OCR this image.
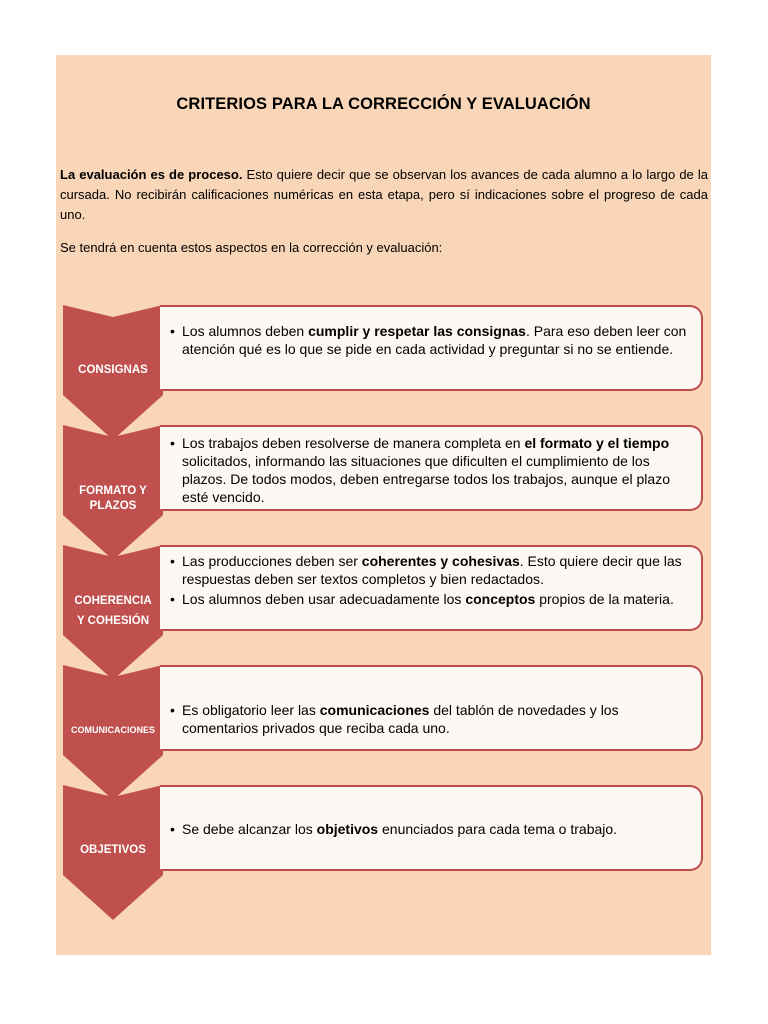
CRITERIOS PARA LA CORRECCIÓN Y EVALUACIÓN
La evaluación es de proceso. Esto quiere decir que se observan los avances de cada alumno a lo largo de la cursada. No recibirán calificaciones numéricas en esta etapa, pero sí indicaciones sobre el progreso de cada uno.
Se tendrá en cuenta estos aspectos en la corrección y evaluación:
CONSIGNAS
• Los alumnos deben cumplir y respetar las consignas. Para eso deben leer con atención qué es lo que se pide en cada actividad y preguntar si no se entiende.
FORMATO Y
PLAZOS
• Los trabajos deben resolverse de manera completa en el formato y el tiempo solicitados, informando las situaciones que dificulten el cumplimiento de los plazos. De todos modos, deben entregarse todos los trabajos, aunque el plazo esté vencido.
COHERENCIA
Y COHESIÓN
• Las producciones deben ser coherentes y cohesivas. Esto quiere decir que las respuestas deben ser textos completos y bien redactados.
• Los alumnos deben usar adecuadamente los conceptos propios de la materia.
COMUNICACIONES
• Es obligatorio leer las comunicaciones del tablón de novedades y los comentarios privados que reciba cada uno.
OBJETIVOS
• Se debe alcanzar los objetivos enunciados para cada tema o trabajo.
